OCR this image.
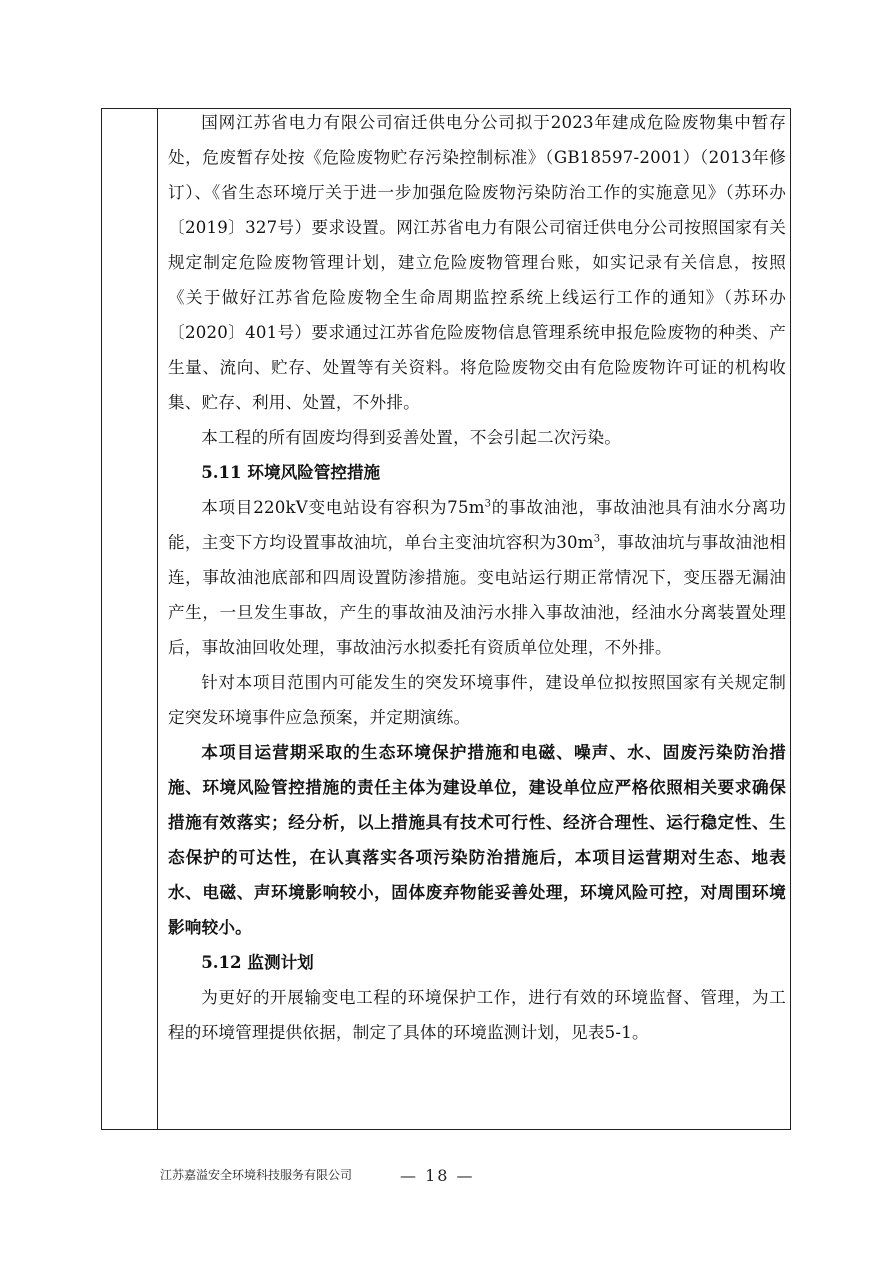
国网江苏省电力有限公司宿迁供电分公司拟于2023年建成危险废物集中暂存处，危废暂存处按《危险废物贮存污染控制标准》（GB18597-2001）（2013年修订）、《省生态环境厅关于进一步加强危险废物污染防治工作的实施意见》（苏环办〔2019〕327号）要求设置。网江苏省电力有限公司宿迁供电分公司按照国家有关规定制定危险废物管理计划，建立危险废物管理台账，如实记录有关信息，按照《关于做好江苏省危险废物全生命周期监控系统上线运行工作的通知》（苏环办〔2020〕401号）要求通过江苏省危险废物信息管理系统申报危险废物的种类、产生量、流向、贮存、处置等有关资料。将危险废物交由有危险废物许可证的机构收集、贮存、利用、处置，不外排。

本工程的所有固废均得到妥善处置，不会引起二次污染。

5.11 环境风险管控措施

本项目220kV变电站设有容积为$75m^3$的事故油池，事故油池具有油水分离功能，主变下方均设置事故油坑，单台主变油坑容积为$30m^3$，事故油坑与事故油池相连，事故油池底部和四周设置防渗措施。变电站运行期正常情况下，变压器无漏油产生，一旦发生事故，产生的事故油及油污水排入事故油池，经油水分离装置处理后，事故油回收处理，事故油污水拟委托有资质单位处理，不外排。

针对本项目范围内可能发生的突发环境事件，建设单位拟按照国家有关规定制定突发环境事件应急预案，并定期演练。

本项目运营期采取的生态环境保护措施和电磁、噪声、水、固废污染防治措施、环境风险管控措施的责任主体为建设单位，建设单位应严格依照相关要求确保措施有效落实；经分析，以上措施具有技术可行性、经济合理性、运行稳定性、生态保护的可达性，在认真落实各项污染防治措施后，本项目运营期对生态、地表水、电磁、声环境影响较小，固体废弃物能妥善处理，环境风险可控，对周围环境影响较小。

5.12 监测计划

为更好的开展输变电工程的环境保护工作，进行有效的环境监督、管理，为工程的环境管理提供依据，制定了具体的环境监测计划，见表5-1。

江苏嘉溢安全环境科技服务有限公司	— 18 —
